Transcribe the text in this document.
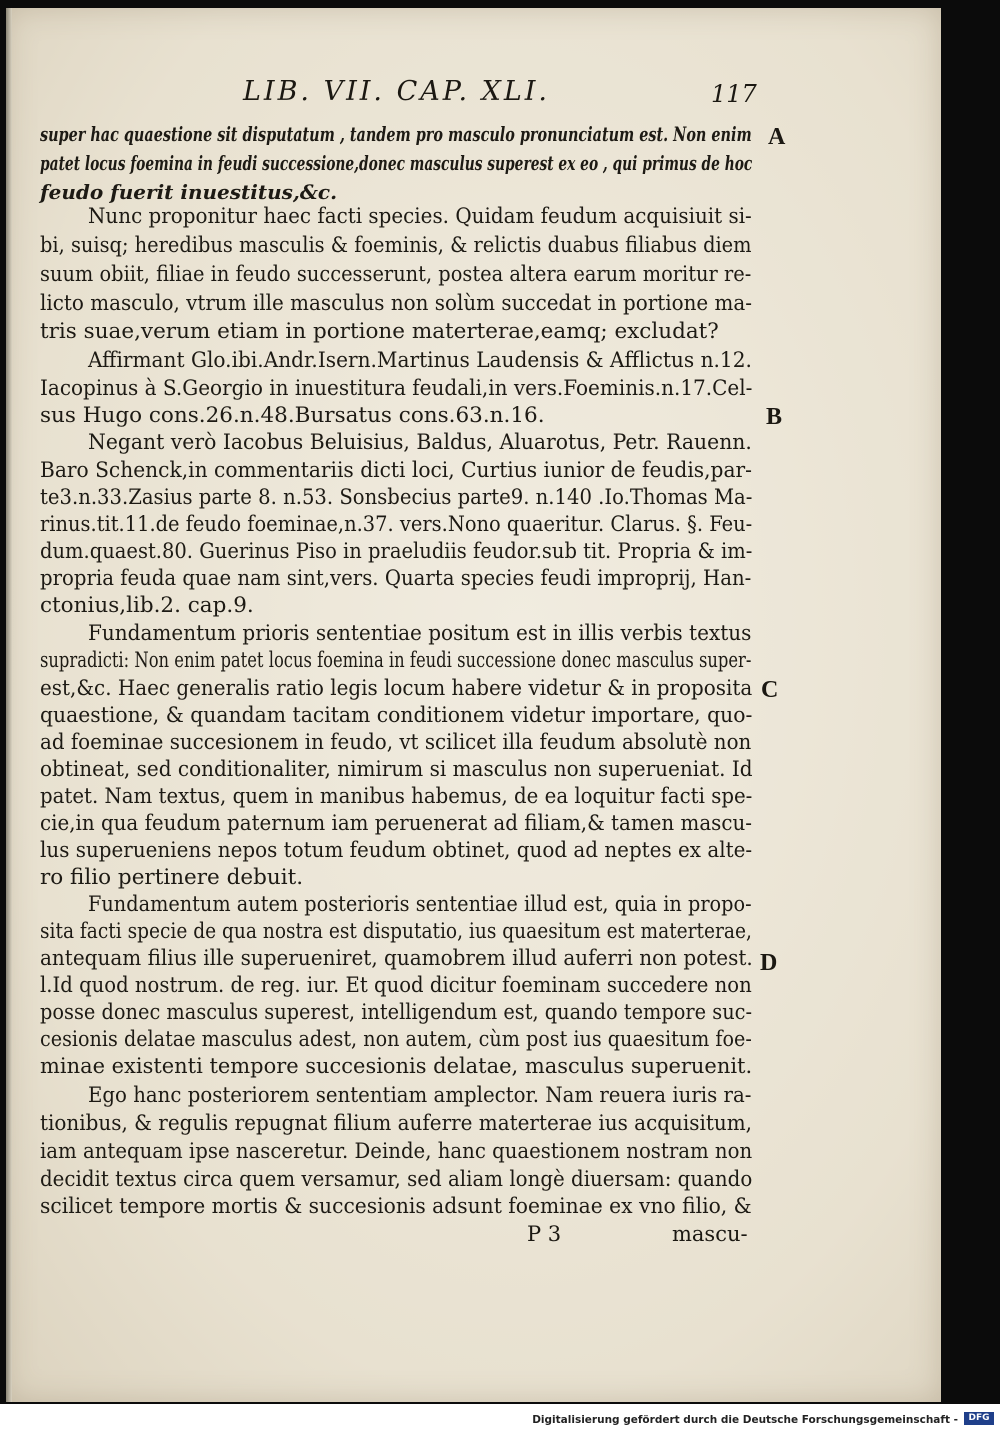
LIB. VII. CAP. XLI.	117
A
B
C
D
super hac quaestione sit disputatum , tandem pro masculo pronunciatum est. Non enim
patet locus foemina in feudi successione,donec masculus superest ex eo , qui primus de hoc
feudo fuerit inuestitus,&c.
Nunc proponitur haec facti species. Quidam feudum acquisiuit si-
bi, suisq; heredibus masculis & foeminis, & relictis duabus filiabus diem
suum obiit, filiae in feudo successerunt, postea altera earum moritur re-
licto masculo, vtrum ille masculus non solùm succedat in portione ma-
tris suae,verum etiam in portione materterae,eamq; excludat?
Affirmant Glo.ibi.Andr.Isern.Martinus Laudensis & Afflictus n.12.
Iacopinus à S.Georgio in inuestitura feudali,in vers.Foeminis.n.17.Cel-
sus Hugo cons.26.n.48.Bursatus cons.63.n.16.
Negant verò Iacobus Beluisius, Baldus, Aluarotus, Petr. Rauenn.
Baro Schenck,in commentariis dicti loci, Curtius iunior de feudis,par-
te3.n.33.Zasius parte 8. n.53. Sonsbecius parte9. n.140 .Io.Thomas Ma-
rinus.tit.11.de feudo foeminae,n.37. vers.Nono quaeritur. Clarus. §. Feu-
dum.quaest.80. Guerinus Piso in praeludiis feudor.sub tit. Propria & im-
propria feuda quae nam sint,vers. Quarta species feudi improprij, Han-
ctonius,lib.2. cap.9.
Fundamentum prioris sententiae positum est in illis verbis textus
supradicti: Non enim patet locus foemina in feudi successione donec masculus super-
est,&c. Haec generalis ratio legis locum habere videtur & in proposita
quaestione, & quandam tacitam conditionem videtur importare, quo-
ad foeminae succesionem in feudo, vt scilicet illa feudum absolutè non
obtineat, sed conditionaliter, nimirum si masculus non superueniat. Id
patet. Nam textus, quem in manibus habemus, de ea loquitur facti spe-
cie,in qua feudum paternum iam peruenerat ad filiam,& tamen mascu-
lus superueniens nepos totum feudum obtinet, quod ad neptes ex alte-
ro filio pertinere debuit.
Fundamentum autem posterioris sententiae illud est, quia in propo-
sita facti specie de qua nostra est disputatio, ius quaesitum est materterae,
antequam filius ille superueniret, quamobrem illud auferri non potest.
l.Id quod nostrum. de reg. iur. Et quod dicitur foeminam succedere non
posse donec masculus superest, intelligendum est, quando tempore suc-
cesionis delatae masculus adest, non autem, cùm post ius quaesitum foe-
minae existenti tempore succesionis delatae, masculus superuenit.
Ego hanc posteriorem sententiam amplector. Nam reuera iuris ra-
tionibus, & regulis repugnat filium auferre materterae ius acquisitum,
iam antequam ipse nasceretur. Deinde, hanc quaestionem nostram non
decidit textus circa quem versamur, sed aliam longè diuersam: quando
scilicet tempore mortis & succesionis adsunt foeminae ex vno filio, &
P 3	mascu-
Digitalisierung gefördert durch die Deutsche Forschungsgemeinschaft -	DFG
